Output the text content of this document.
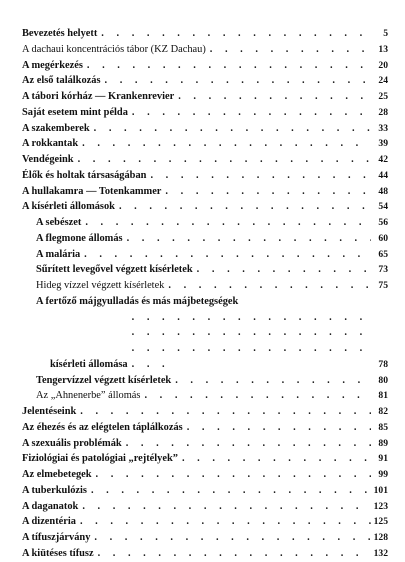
Bevezetés helyett . . .	5
A dachaui koncentrációs tábor (KZ Dachau) . . .	13
A megérkezés . . .	20
Az első találkozás . . .	24
A tábori kórház — Krankenrevier . . .	25
Saját esetem mint példa . . .	28
A szakemberek . . .	33
A rokkantak . . .	39
Vendégeink . . .	42
Élők és holtak társaságában . . .	44
A hullakamra — Totenkammer . . .	48
A kísérleti állomások . . .	54
A sebészet . . .	56
A flegmone állomás . . .	60
A malária . . .	65
Sűrített levegővel végzett kísérletek . . .	73
Hideg vízzel végzett kísérletek . . .	75
A fertőző májgyulladás és más májbetegségek
kísérleti állomása . . .	78
Tengervízzel végzett kísérletek . . .	80
Az „Ahnenerbe” állomás . . .	81
Jelentéseink . . .	82
Az éhezés és az elégtelen táplálkozás . . .	85
A szexuális problémák . . .	89
Fiziológiai és patológiai „rejtélyek” . . .	91
Az elmebetegek . . .	99
A tuberkulózis . . .	101
A daganatok . . .	123
A dizentéria . . .	125
A tífuszjárvány . . .	128
A kiütéses tífusz . . .	132
